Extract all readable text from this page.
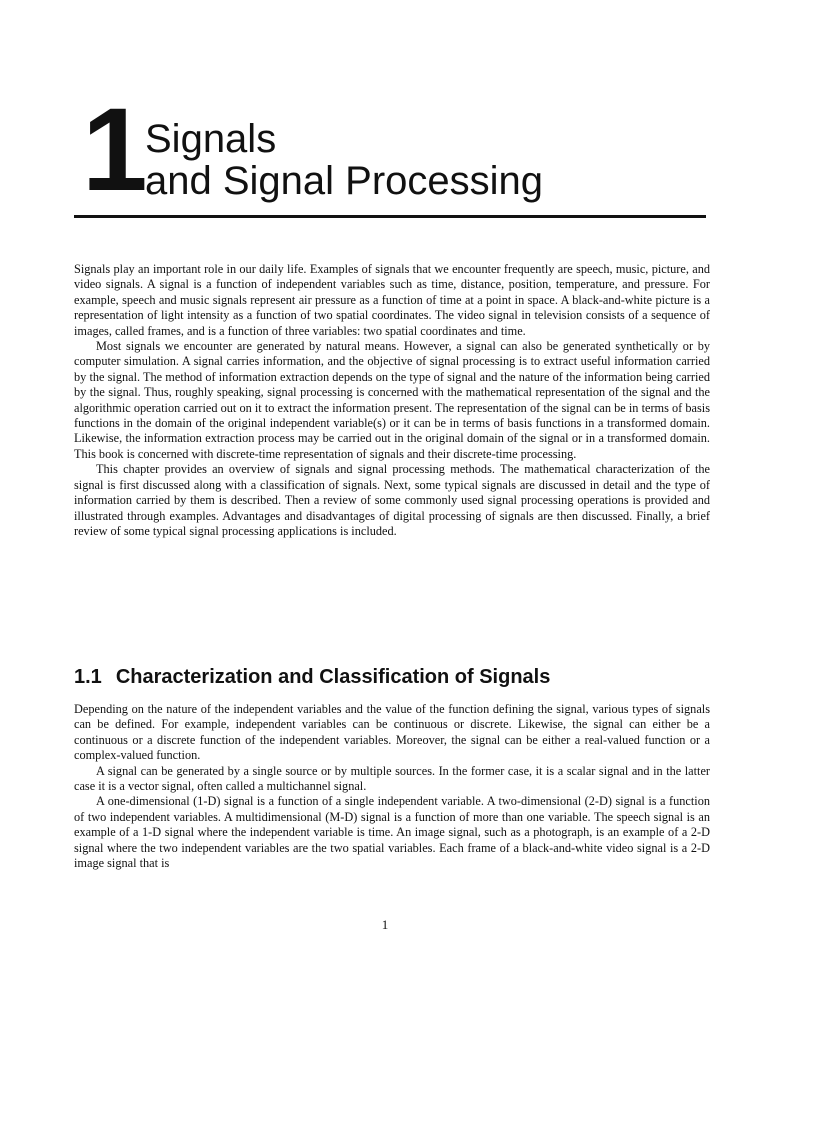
1 Signals
and Signal Processing

Signals play an important role in our daily life. Examples of signals that we encounter frequently are speech, music, picture, and video signals. A signal is a function of independent variables such as time, distance, position, temperature, and pressure. For example, speech and music signals represent air pressure as a function of time at a point in space. A black-and-white picture is a representation of light intensity as a function of two spatial coordinates. The video signal in television consists of a sequence of images, called frames, and is a function of three variables: two spatial coordinates and time.

Most signals we encounter are generated by natural means. However, a signal can also be generated synthetically or by computer simulation. A signal carries information, and the objective of signal processing is to extract useful information carried by the signal. The method of information extraction depends on the type of signal and the nature of the information being carried by the signal. Thus, roughly speaking, signal processing is concerned with the mathematical representation of the signal and the algorithmic operation carried out on it to extract the information present. The representation of the signal can be in terms of basis functions in the domain of the original independent variable(s) or it can be in terms of basis functions in a transformed domain. Likewise, the information extraction process may be carried out in the original domain of the signal or in a transformed domain. This book is concerned with discrete-time representation of signals and their discrete-time processing.

This chapter provides an overview of signals and signal processing methods. The mathematical characterization of the signal is first discussed along with a classification of signals. Next, some typical signals are discussed in detail and the type of information carried by them is described. Then a review of some commonly used signal processing operations is provided and illustrated through examples. Advantages and disadvantages of digital processing of signals are then discussed. Finally, a brief review of some typical signal processing applications is included.

1.1 Characterization and Classification of Signals

Depending on the nature of the independent variables and the value of the function defining the signal, various types of signals can be defined. For example, independent variables can be continuous or discrete. Likewise, the signal can either be a continuous or a discrete function of the independent variables. Moreover, the signal can be either a real-valued function or a complex-valued function.

A signal can be generated by a single source or by multiple sources. In the former case, it is a scalar signal and in the latter case it is a vector signal, often called a multichannel signal.

A one-dimensional (1-D) signal is a function of a single independent variable. A two-dimensional (2-D) signal is a function of two independent variables. A multidimensional (M-D) signal is a function of more than one variable. The speech signal is an example of a 1-D signal where the independent variable is time. An image signal, such as a photograph, is an example of a 2-D signal where the two independent variables are the two spatial variables. Each frame of a black-and-white video signal is a 2-D image signal that is

1
